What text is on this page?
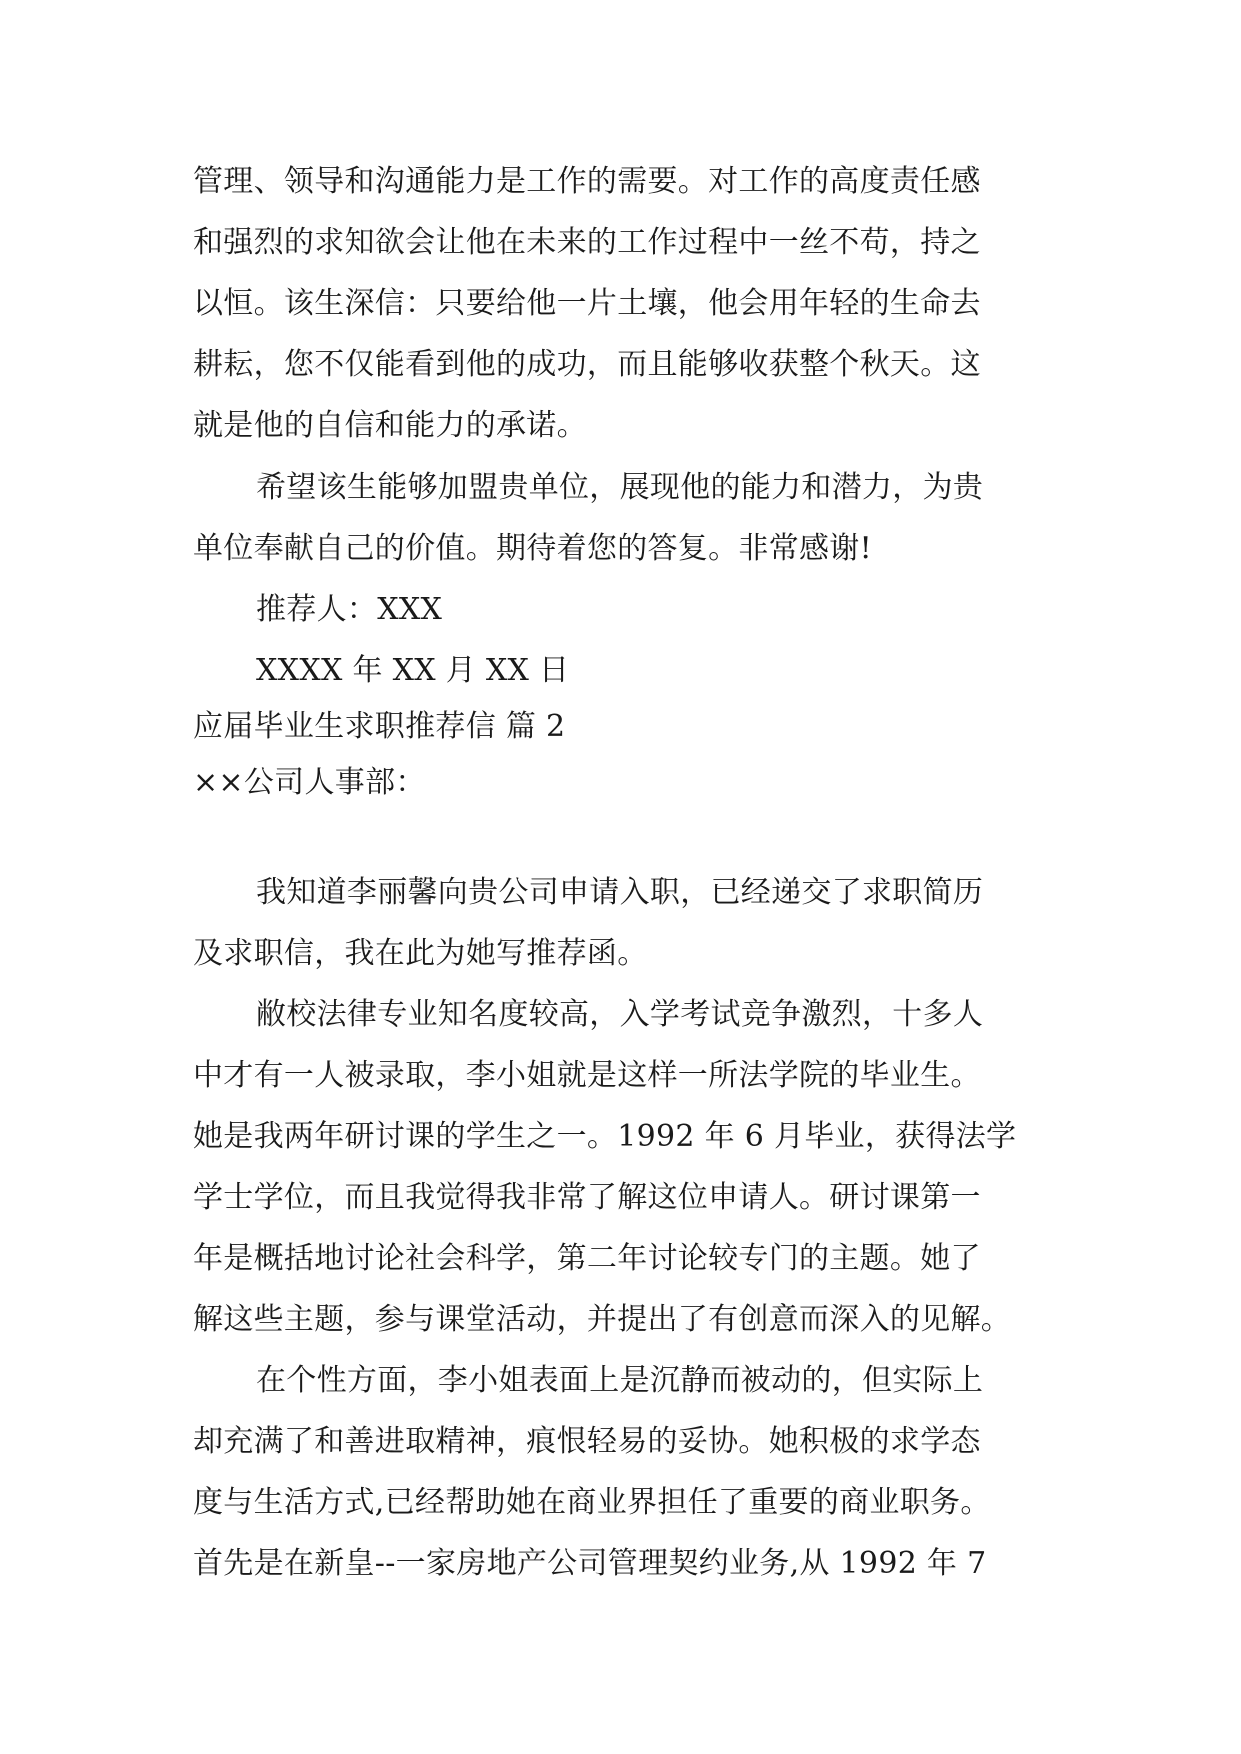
管理、领导和沟通能力是工作的需要。对工作的高度责任感
和强烈的求知欲会让他在未来的工作过程中一丝不苟，持之
以恒。该生深信：只要给他一片土壤，他会用年轻的生命去
耕耘，您不仅能看到他的成功，而且能够收获整个秋天。这
就是他的自信和能力的承诺。
希望该生能够加盟贵单位，展现他的能力和潜力，为贵
单位奉献自己的价值。期待着您的答复。非常感谢!
推荐人：XXX
XXXX 年 XX 月 XX 日
应届毕业生求职推荐信 篇 2
××公司人事部：
我知道李丽馨向贵公司申请入职，已经递交了求职简历
及求职信，我在此为她写推荐函。
敝校法律专业知名度较高，入学考试竞争激烈，十多人
中才有一人被录取，李小姐就是这样一所法学院的毕业生。
她是我两年研讨课的学生之一。1992 年 6 月毕业，获得法学
学士学位，而且我觉得我非常了解这位申请人。研讨课第一
年是概括地讨论社会科学，第二年讨论较专门的主题。她了
解这些主题，参与课堂活动，并提出了有创意而深入的见解。
在个性方面，李小姐表面上是沉静而被动的，但实际上
却充满了和善进取精神，痕恨轻易的妥协。她积极的求学态
度与生活方式,已经帮助她在商业界担任了重要的商业职务。
首先是在新皇--一家房地产公司管理契约业务,从 1992 年 7
